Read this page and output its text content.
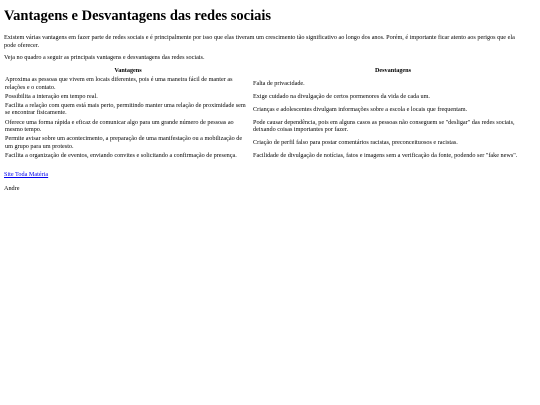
Vantagens e Desvantagens das redes sociais

Existem várias vantagens em fazer parte de redes sociais e é principalmente por isso que elas tiveram um crescimento tão significativo ao longo dos anos. Porém, é importante ficar atento aos perigos que ela pode oferecer.

Veja no quadro a seguir as principais vantagens e desvantagens das redes sociais.

Vantagens	Desvantagens
Aproxima as pessoas que vivem em locais diferentes, pois é uma maneira fácil de manter as relações e o contato.	Falta de privacidade.
Possibilita a interação em tempo real.	Exige cuidado na divulgação de certos pormenores da vida de cada um.
Facilita a relação com quem está mais perto, permitindo manter uma relação de proximidade sem se encontrar fisicamente.	Crianças e adolescentes divulgam informações sobre a escola e locais que frequentam.
Oferece uma forma rápida e eficaz de comunicar algo para um grande número de pessoas ao mesmo tempo.	Pode causar dependência, pois em alguns casos as pessoas não conseguem se "desligar" das redes sociais, deixando coisas importantes por fazer.
Permite avisar sobre um acontecimento, a preparação de uma manifestação ou a mobilização de um grupo para um protesto.	Criação de perfil falso para postar comentários racistas, preconceituosos e racistas.
Facilita a organização de eventos, enviando convites e solicitando a confirmação de presença.	Facilidade de divulgação de notícias, fatos e imagens sem a verificação da fonte, podendo ser "fake news".

Site Toda Matéria

Andre
